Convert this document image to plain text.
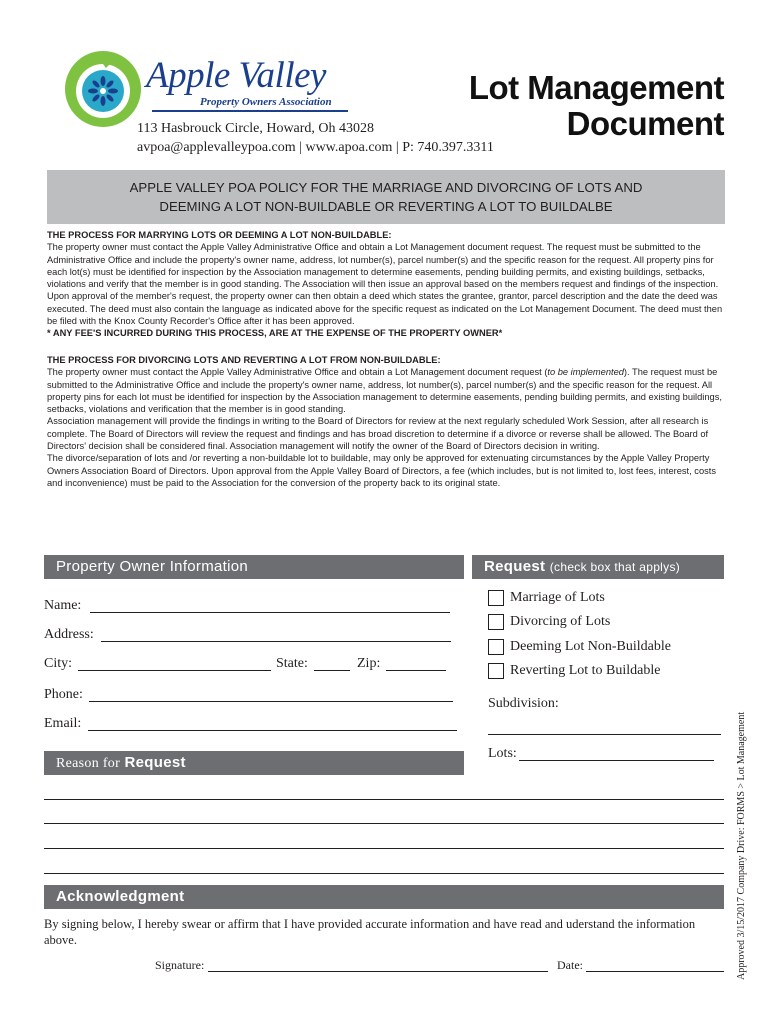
Apple Valley
Property Owners Association
113 Hasbrouck Circle, Howard, Oh 43028
avpoa@applevalleypoa.com | www.apoa.com | P: 740.397.3311
Lot Management
Document
APPLE VALLEY POA POLICY FOR THE MARRIAGE AND DIVORCING OF LOTS AND
DEEMING A LOT NON-BUILDABLE OR REVERTING A LOT TO BUILDALBE

THE PROCESS FOR MARRYING LOTS OR DEEMING A LOT NON-BUILDABLE:

The property owner must contact the Apple Valley Administrative Office and obtain a Lot Management document request. The request must be submitted to the Administrative Office and include the property's owner name, address, lot number(s), parcel number(s) and the specific reason for the request. All property pins for each lot(s) must be identified for inspection by the Association management to determine easements, pending building permits, and existing buildings, setbacks, violations and verify that the member is in good standing. The Association will then issue an approval based on the members request and findings of the inspection. Upon approval of the member's request, the property owner can then obtain a deed which states the grantee, grantor, parcel description and the date the deed was executed. The deed must also contain the language as indicated above for the specific request as indicated on the Lot Management Document. The deed must then be filed with the Knox County Recorder's Office after it has been approved.

* ANY FEE'S INCURRED DURING THIS PROCESS, ARE AT THE EXPENSE OF THE PROPERTY OWNER*

THE PROCESS FOR DIVORCING LOTS AND REVERTING A LOT FROM NON-BUILDABLE:

The property owner must contact the Apple Valley Administrative Office and obtain a Lot Management document request (to be implemented). The request must be submitted to the Administrative Office and include the property's owner name, address, lot number(s), parcel number(s) and the specific reason for the request. All property pins for each lot must be identified for inspection by the Association management to determine easements, pending building permits, and existing buildings, setbacks, violations and verification that the member is in good standing.

Association management will provide the findings in writing to the Board of Directors for review at the next regularly scheduled Work Session, after all research is complete. The Board of Directors will review the request and findings and has broad discretion to determine if a divorce or reverse shall be allowed. The Board of Directors' decision shall be considered final. Association management will notify the owner of the Board of Directors decision in writing.

The divorce/separation of lots and /or reverting a non-buildable lot to buildable, may only be approved for extenuating circumstances by the Apple Valley Property Owners Association Board of Directors. Upon approval from the Apple Valley Board of Directors, a fee (which includes, but is not limited to, lost fees, interest, costs and inconvenience) must be paid to the Association for the conversion of the property back to its original state.

Property Owner Information
Name:
Address:
City:	State:	Zip:
Phone:
Email:
Request (check box that applys)
Marriage of Lots
Divorcing of Lots
Deeming Lot Non-Buildable
Reverting Lot to Buildable
Subdivision:
Lots:
Reason for Request
Acknowledgment
By signing below, I hereby swear or affirm that I have provided accurate information and have read and uderstand the information above.
Signature:	Date:	Approved 3/15/2017 Company Drive: FORMS > Lot Management
